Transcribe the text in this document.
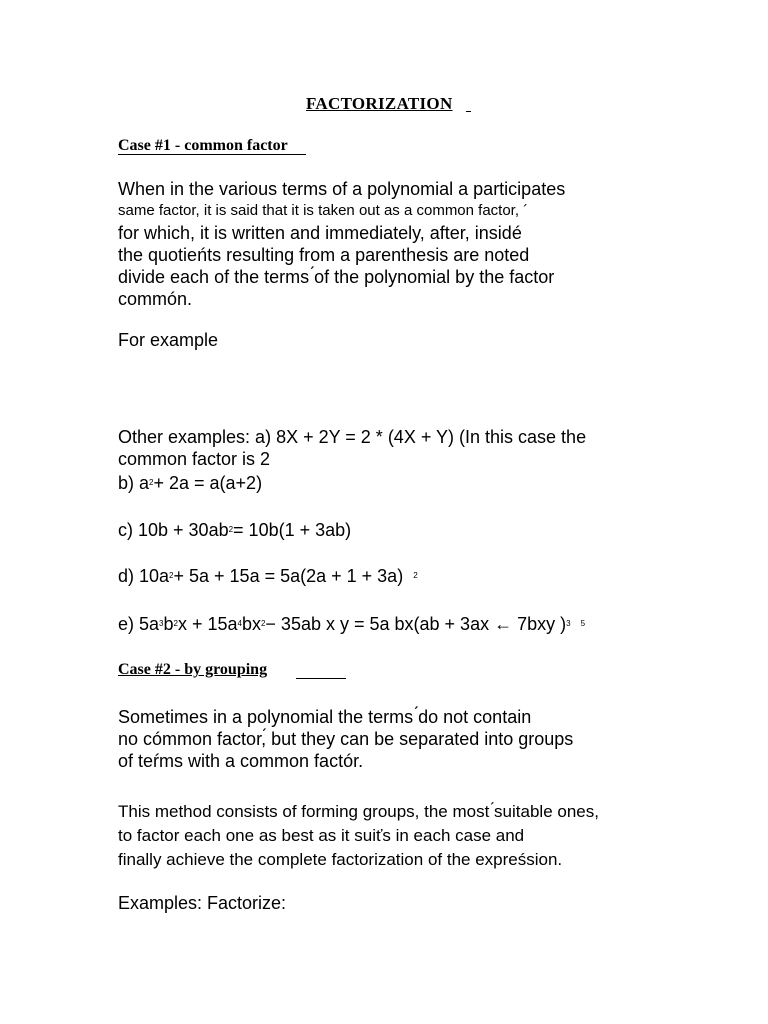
FACTORIZATION
Case #1 - common factor
When in the various terms of a polynomial a participates
same factor, it is said that it is taken out as a common factor, ´
for which, it is written and immediately, after, insidé
the quotieńts resulting from a parenthesis are noted
divide each of the terms ́of the polynomial by the factor
commón.
For example
Other examples: a) 8X + 2Y = 2 * (4X + Y) (In this case the
common factor is 2
b) $a^2+ 2a = a(a+2)$
c) $10b + 30ab^2= 10b(1 + 3ab)$
d) $10a^2+ 5a + 15a = 5a(2a + 1 + 3a)$ $^2$
e) $5a^3b^2x + 15a^4bx^2- 35ab$ x y = 5a bx(ab + 3ax ← 7bxy )$^3$ $^5$
Case #2 - by grouping
Sometimes in a polynomial the terms ́do not contain
no cómmon factor,́ but they can be separated into groups
of teŕms with a common factór.
This method consists of forming groups, the most ́suitable ones,
to factor each one as best as it suiťs in each case and
finally achieve the complete factorization of the expreśsion.
Examples: Factorize:
